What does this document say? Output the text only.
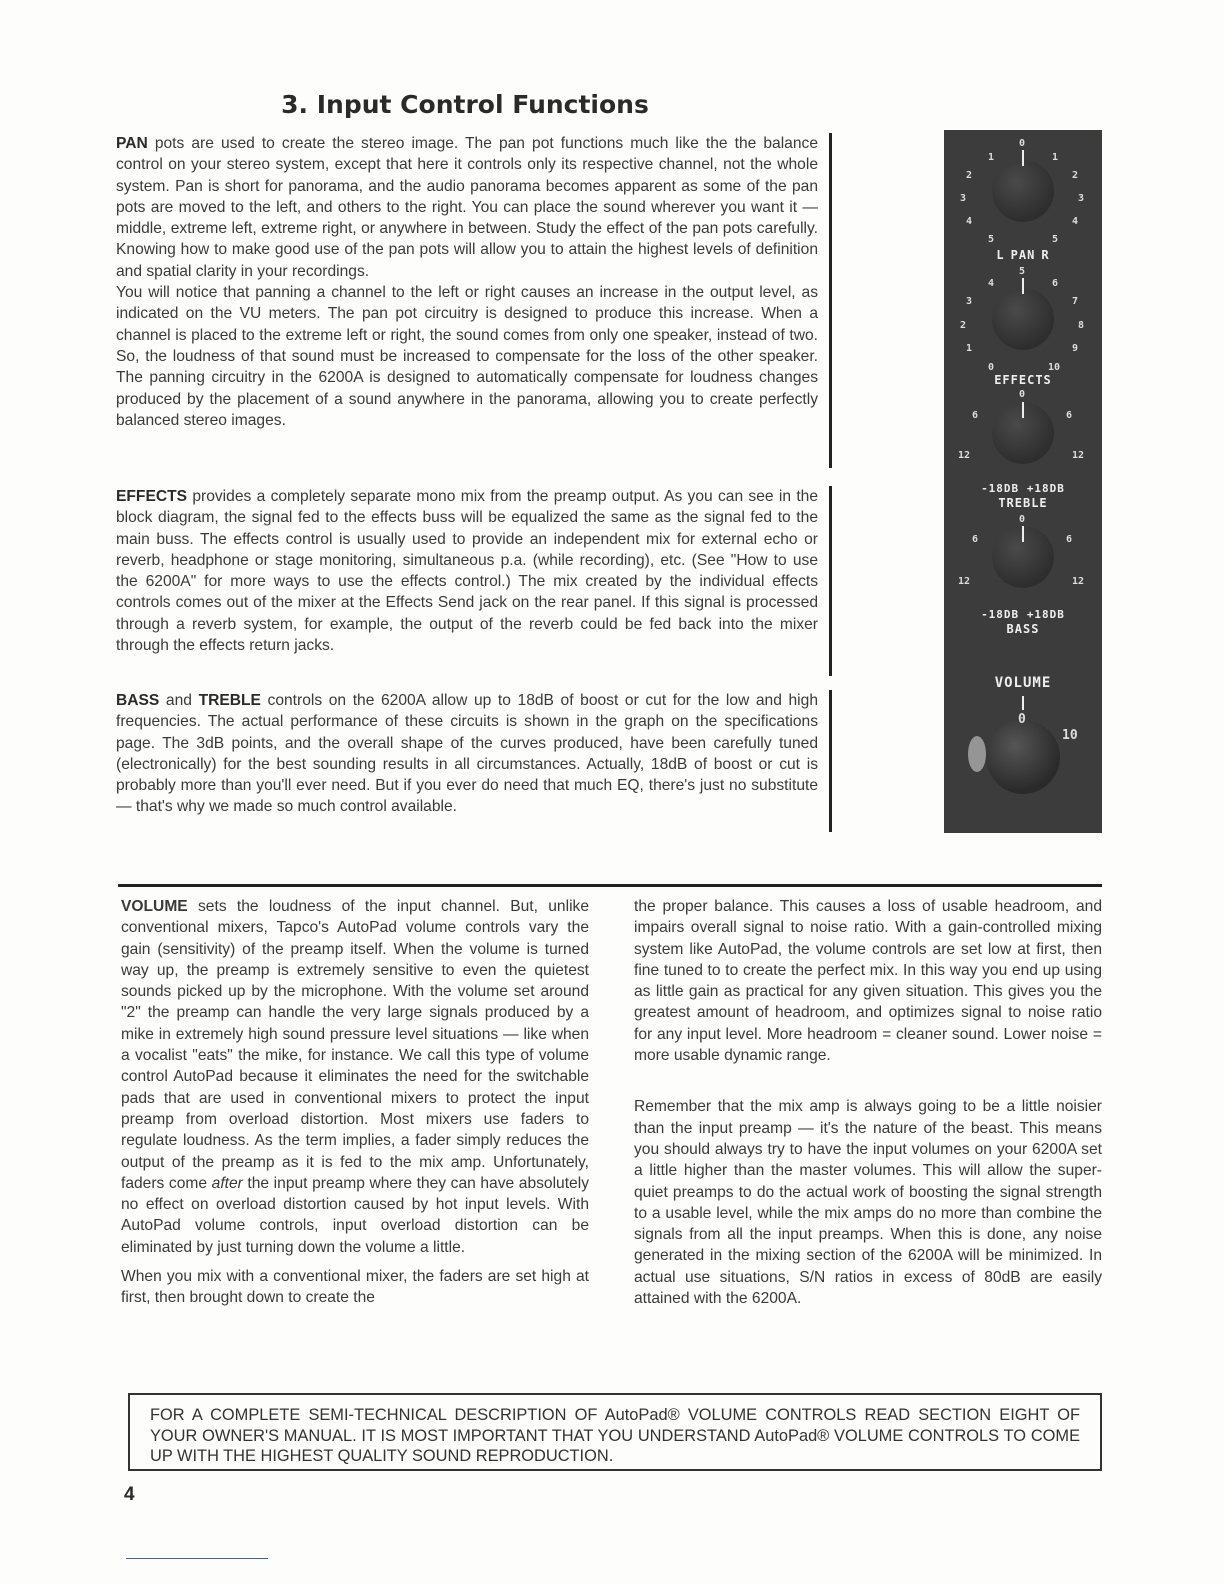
3. Input Control Functions
PAN pots are used to create the stereo image. The pan pot functions much like the the balance control on your stereo system, except that here it controls only its respective channel, not the whole system. Pan is short for panorama, and the audio panorama becomes apparent as some of the pan pots are moved to the left, and others to the right. You can place the sound wherever you want it — middle, extreme left, extreme right, or anywhere in between. Study the effect of the pan pots carefully. Knowing how to make good use of the pan pots will allow you to attain the highest levels of definition and spatial clarity in your recordings.
You will notice that panning a channel to the left or right causes an increase in the output level, as indicated on the VU meters. The pan pot circuitry is designed to produce this increase. When a channel is placed to the extreme left or right, the sound comes from only one speaker, instead of two. So, the loudness of that sound must be increased to compensate for the loss of the other speaker. The panning circuitry in the 6200A is designed to automatically compensate for loudness changes produced by the placement of a sound anywhere in the panorama, allowing you to create perfectly balanced stereo images.
EFFECTS provides a completely separate mono mix from the preamp output. As you can see in the block diagram, the signal fed to the effects buss will be equalized the same as the signal fed to the main buss. The effects control is usually used to provide an independent mix for external echo or reverb, headphone or stage monitoring, simultaneous p.a. (while recording), etc. (See "How to use the 6200A" for more ways to use the effects control.) The mix created by the individual effects controls comes out of the mixer at the Effects Send jack on the rear panel. If this signal is processed through a reverb system, for example, the output of the reverb could be fed back into the mixer through the effects return jacks.
BASS and TREBLE controls on the 6200A allow up to 18dB of boost or cut for the low and high frequencies. The actual performance of these circuits is shown in the graph on the specifications page. The 3dB points, and the overall shape of the curves produced, have been carefully tuned (electronically) for the best sounding results in all circumstances. Actually, 18dB of boost or cut is probably more than you'll ever need. But if you ever do need that much EQ, there's just no substitute — that's why we made so much control available.
0
1	1
2	2
3	3
4	4
5	5
L PAN R
5
4	6
3	7
2	8
1	9
0	10
EFFECTS
0
6	6
12	12
-18DB +18DB
TREBLE
0
6	6
12	12
-18DB +18DB
BASS
VOLUME
0
10

VOLUME sets the loudness of the input channel. But, unlike conventional mixers, Tapco's AutoPad volume controls vary the gain (sensitivity) of the preamp itself. When the volume is turned way up, the preamp is extremely sensitive to even the quietest sounds picked up by the microphone. With the volume set around "2" the preamp can handle the very large signals produced by a mike in extremely high sound pressure level situations — like when a vocalist "eats" the mike, for instance. We call this type of volume control AutoPad because it eliminates the need for the switchable pads that are used in conventional mixers to protect the input preamp from overload distortion. Most mixers use faders to regulate loudness. As the term implies, a fader simply reduces the output of the preamp as it is fed to the mix amp. Unfortunately, faders come after the input preamp where they can have absolutely no effect on overload distortion caused by hot input levels. With AutoPad volume controls, input overload distortion can be eliminated by just turning down the volume a little.

When you mix with a conventional mixer, the faders are set high at first, then brought down to create the

the proper balance. This causes a loss of usable headroom, and impairs overall signal to noise ratio. With a gain-controlled mixing system like AutoPad, the volume controls are set low at first, then fine tuned to to create the perfect mix. In this way you end up using as little gain as practical for any given situation. This gives you the greatest amount of headroom, and optimizes signal to noise ratio for any input level. More headroom = cleaner sound. Lower noise = more usable dynamic range.

Remember that the mix amp is always going to be a little noisier than the input preamp — it's the nature of the beast. This means you should always try to have the input volumes on your 6200A set a little higher than the master volumes. This will allow the super-quiet preamps to do the actual work of boosting the signal strength to a usable level, while the mix amps do no more than combine the signals from all the input preamps. When this is done, any noise generated in the mixing section of the 6200A will be minimized. In actual use situations, S/N ratios in excess of 80dB are easily attained with the 6200A.

FOR A COMPLETE SEMI-TECHNICAL DESCRIPTION OF AutoPad® VOLUME CONTROLS READ SECTION EIGHT OF YOUR OWNER'S MANUAL. IT IS MOST IMPORTANT THAT YOU UNDERSTAND AutoPad® VOLUME CONTROLS TO COME UP WITH THE HIGHEST QUALITY SOUND REPRODUCTION.
4
